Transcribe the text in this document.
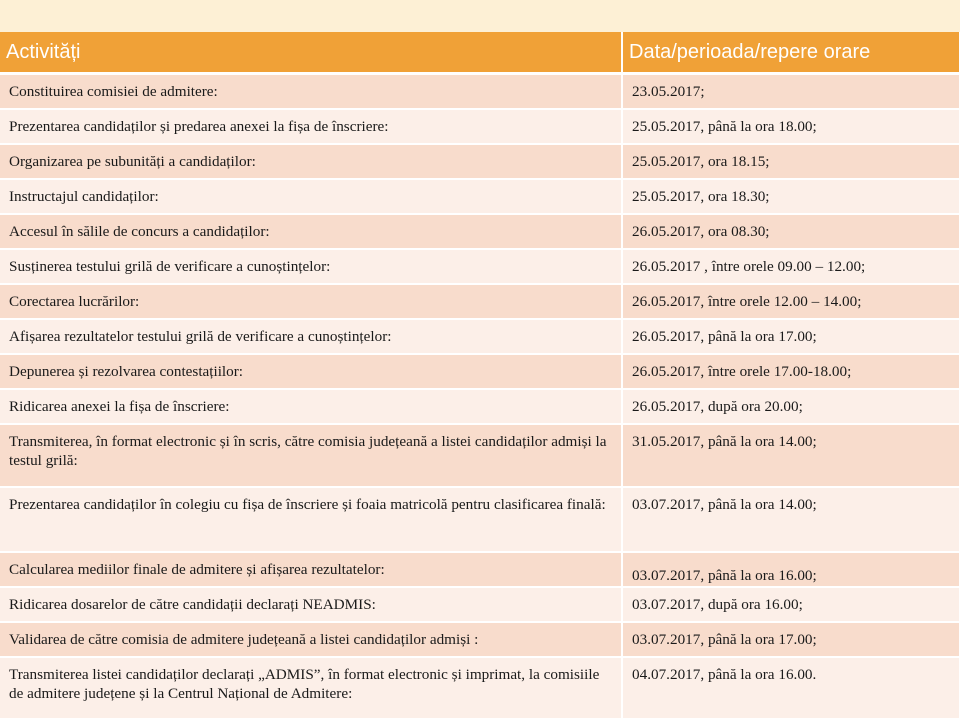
Activități	Data/perioada/repere orare
Constituirea comisiei de admitere:	23.05.2017;
Prezentarea candidaților și predarea anexei la fișa de înscriere:	25.05.2017, până la ora 18.00;
Organizarea pe subunități a candidaților:	25.05.2017, ora 18.15;
Instructajul candidaților:	25.05.2017, ora 18.30;
Accesul în sălile de concurs a candidaților:	26.05.2017, ora 08.30;
Susținerea testului grilă de verificare a cunoștințelor:	26.05.2017 , între orele 09.00 – 12.00;
Corectarea lucrărilor:	26.05.2017, între orele 12.00 – 14.00;
Afișarea rezultatelor testului grilă de verificare a cunoștințelor:	26.05.2017, până la ora 17.00;
Depunerea și rezolvarea contestațiilor:	26.05.2017, între orele 17.00-18.00;
Ridicarea anexei la fișa de înscriere:	26.05.2017, după ora 20.00;
Transmiterea, în format electronic și în scris, către comisia județeană a listei candidaților admiși la testul grilă:	31.05.2017, până la ora 14.00;
Prezentarea candidaților în colegiu cu fișa de înscriere și foaia matricolă pentru clasificarea finală:	03.07.2017, până la ora 14.00;
Calcularea mediilor finale de admitere și afișarea rezultatelor:	03.07.2017, până la ora 16.00;
Ridicarea dosarelor de către candidații declarați NEADMIS:	03.07.2017, după ora 16.00;
Validarea de către comisia de admitere județeană a listei candidaților admiși :	03.07.2017, până la ora 17.00;
Transmiterea listei candidaților declarați „ADMIS”, în format electronic și imprimat, la comisiile de admitere județene și la Centrul Național de Admitere:	04.07.2017, până la ora 16.00.
